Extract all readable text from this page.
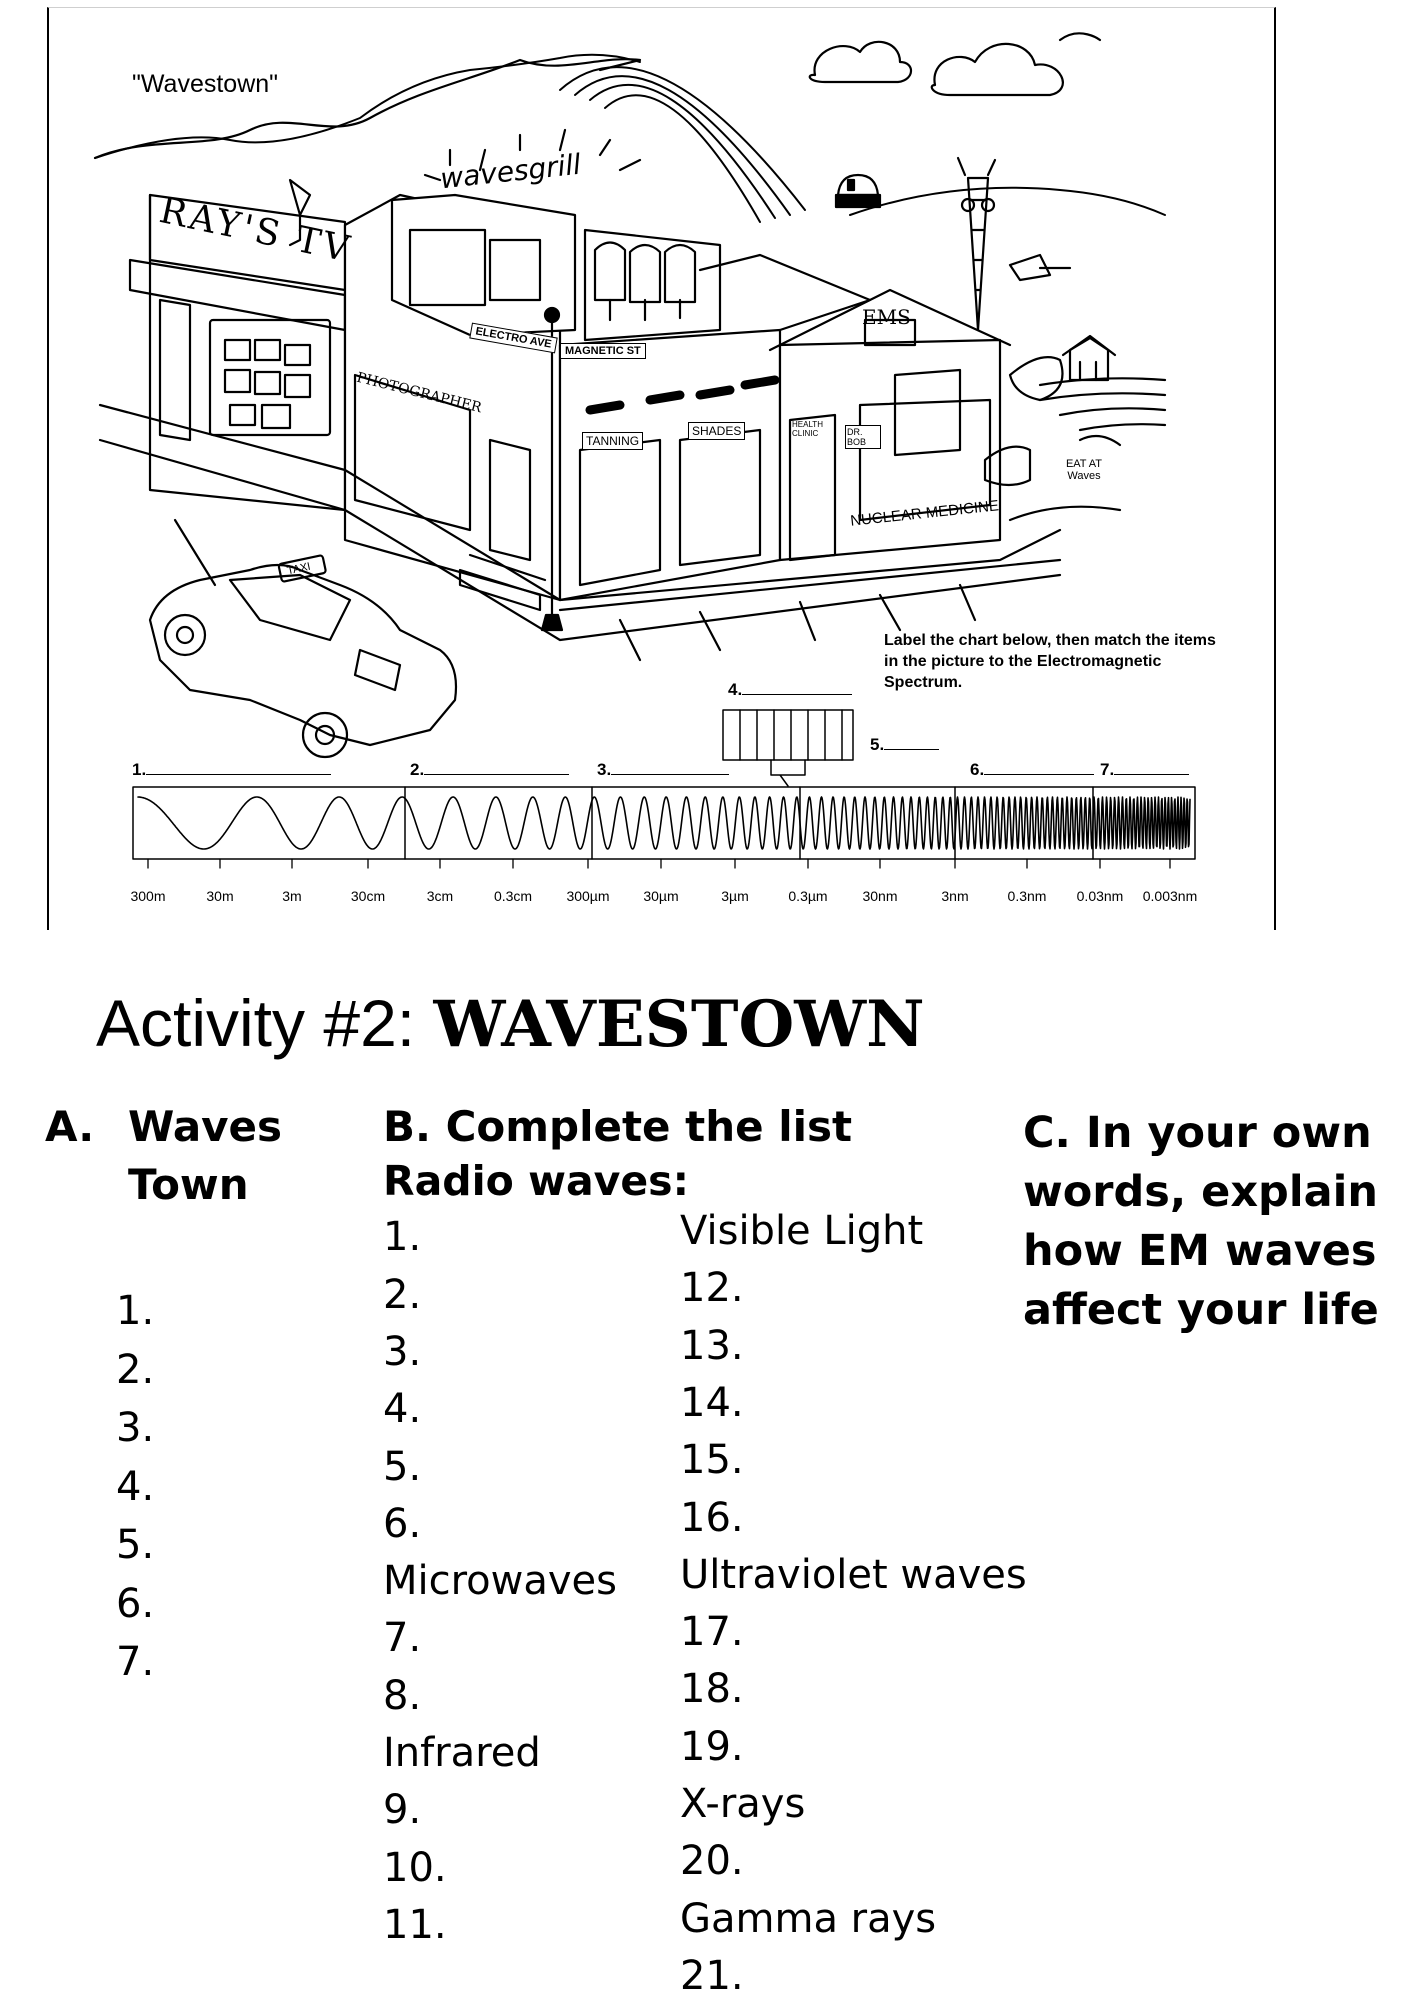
"Wavestown"
wavesgrill
RAY'S TV
ELECTRO AVE
MAGNETIC ST
PHOTOGRAPHER
TANNING
SHADES	HEALTH CLINIC	DR. BOB
EMS
NUCLEAR MEDICINE
EAT AT Waves
TAXI
Label the chart below, then match the items in the picture to the Electromagnetic Spectrum.
1.	2.	3.
4.
5.
6.	7.
300m	30m	3m	30cm	3cm	0.3cm 300µm 30µm	3µm	0.3µm 30nm	3nm	0.3nm 0.03nm 0.003nm
Activity #2: WAVESTOWN
A. Waves
Town
1.
2.
3.
4.
5.
6.
7.
B. Complete the list
Radio waves:
1.
2.
3.
4.
5.
6.
Microwaves
7.
8.
Infrared
9.
10.
11.
Visible Light
12.
13.
14.
15.
16.
Ultraviolet waves
17.
18.
19.
X-rays
20.
Gamma rays
21.
C. In your own
words, explain
how EM waves
affect your life
